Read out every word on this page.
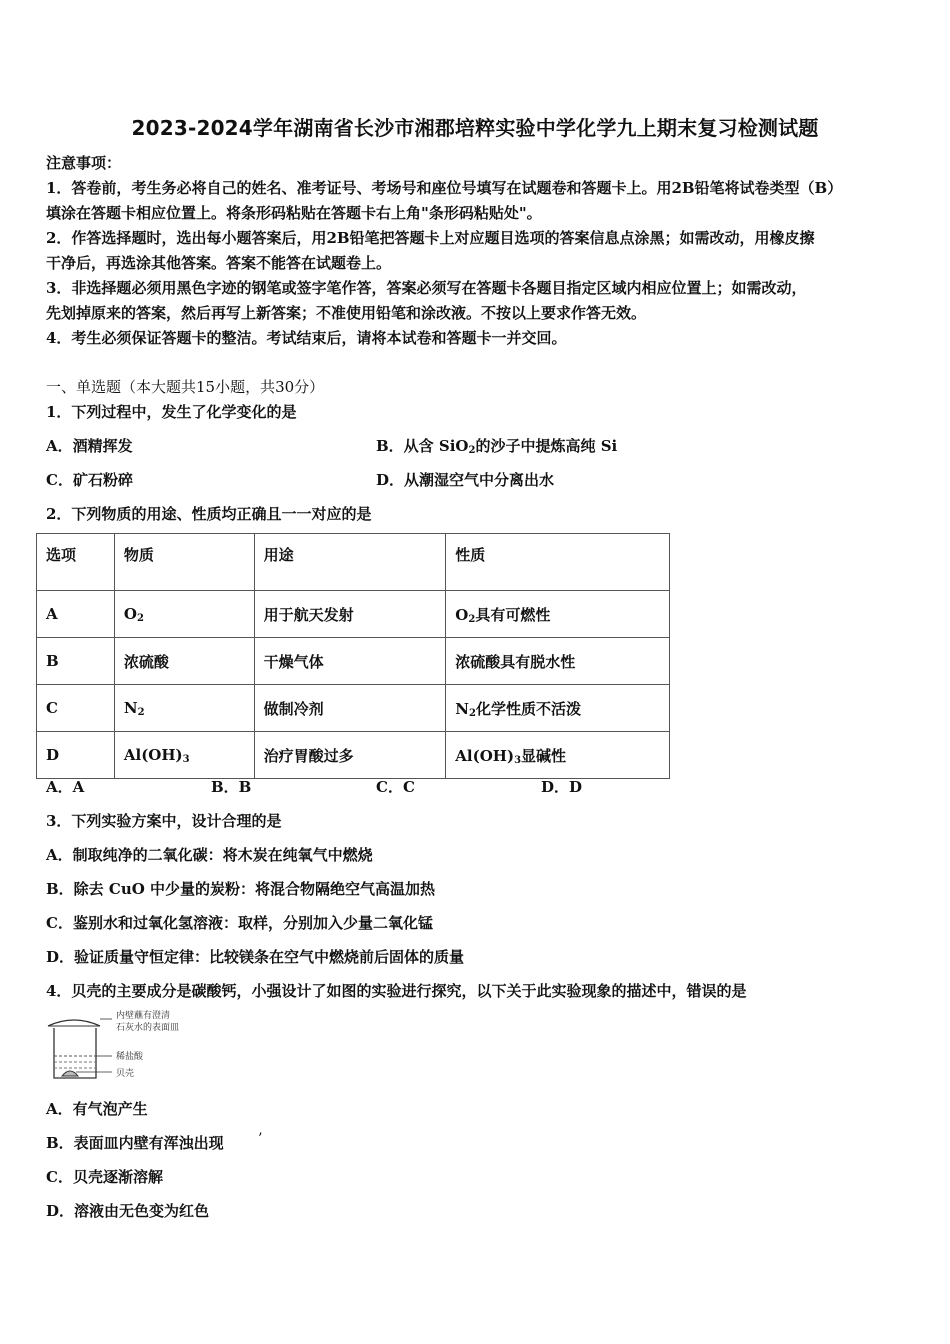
2023-2024学年湖南省长沙市湘郡培粹实验中学化学九上期末复习检测试题
注意事项：
1．答卷前，考生务必将自己的姓名、准考证号、考场号和座位号填写在试题卷和答题卡上。用2B铅笔将试卷类型（B）
填涂在答题卡相应位置上。将条形码粘贴在答题卡右上角"条形码粘贴处"。
2．作答选择题时，选出每小题答案后，用2B铅笔把答题卡上对应题目选项的答案信息点涂黑；如需改动，用橡皮擦
干净后，再选涂其他答案。答案不能答在试题卷上。
3．非选择题必须用黑色字迹的钢笔或签字笔作答，答案必须写在答题卡各题目指定区域内相应位置上；如需改动，
先划掉原来的答案，然后再写上新答案；不准使用铅笔和涂改液。不按以上要求作答无效。
4．考生必须保证答题卡的整洁。考试结束后，请将本试卷和答题卡一并交回。
一、单选题（本大题共15小题，共30分）
1．下列过程中，发生了化学变化的是
A．酒精挥发	B．从含 SiO$_2$的沙子中提炼高纯 Si
C．矿石粉碎	D．从潮湿空气中分离出水
2．下列物质的用途、性质均正确且一一对应的是
选项	物质	用途	性质
A	$O_2$	用于航天发射	$O_2$具有可燃性
B	浓硫酸	干燥气体	浓硫酸具有脱水性
C	$N_2$	做制冷剂	$N_2$化学性质不活泼
D	$Al(OH)_3$	治疗胃酸过多	$Al(OH)_3$显碱性
A．A	B．B	C．C	D．D
3．下列实验方案中，设计合理的是
A．制取纯净的二氧化碳：将木炭在纯氧气中燃烧
B．除去 CuO 中少量的炭粉：将混合物隔绝空气高温加热
C．鉴别水和过氧化氢溶液：取样，分别加入少量二氧化锰
D．验证质量守恒定律：比较镁条在空气中燃烧前后固体的质量
4．贝壳的主要成分是碳酸钙，小强设计了如图的实验进行探究，以下关于此实验现象的描述中，错误的是
内壁蘸有澄清
石灰水的表面皿
稀盐酸
贝壳
A．有气泡产生
B．表面皿内壁有浑浊出现 ’
C．贝壳逐渐溶解
D．溶液由无色变为红色
